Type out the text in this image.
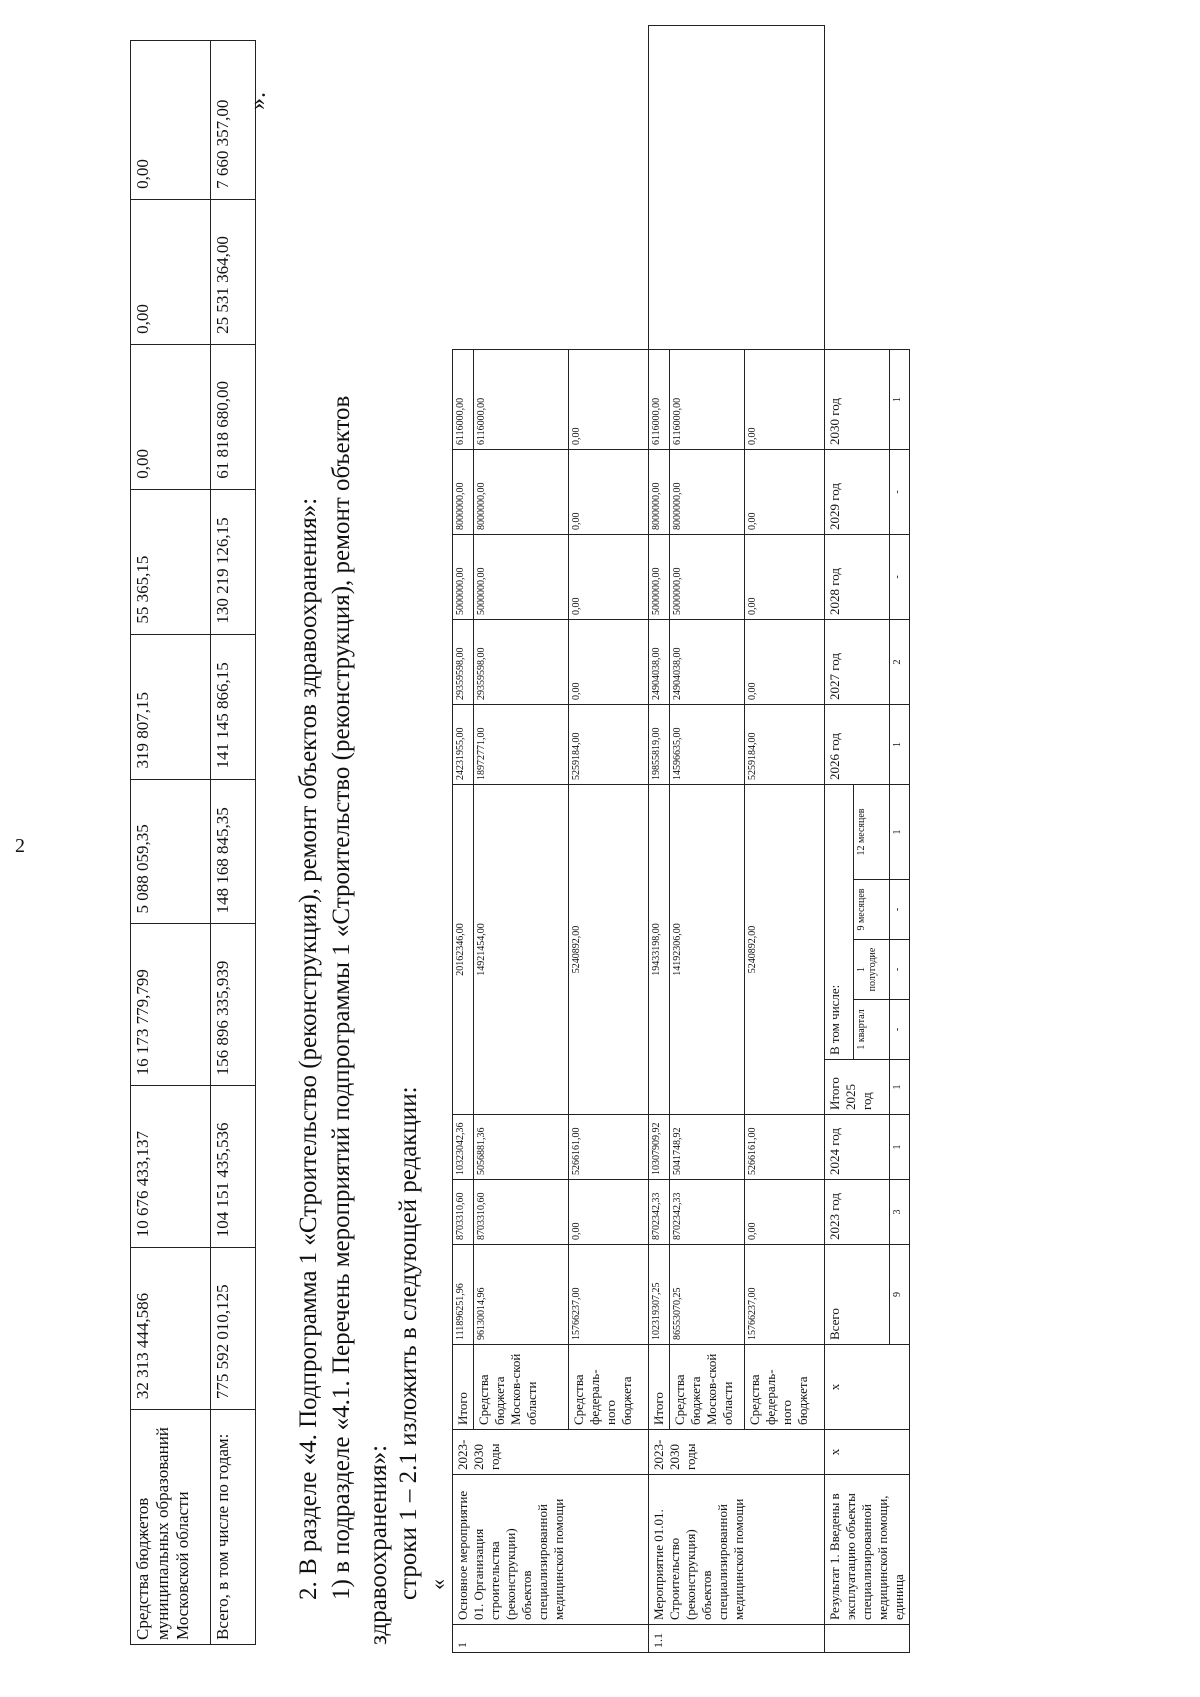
2
Средства бюджетов муниципальных образований Московской области	32 313 444,586	10 676 433,137	16 173 779,799	5 088 059,35	319 807,15	55 365,15	0,00	0,00	0,00
Всего, в том числе по годам:	775 592 010,125	104 151 435,536	156 896 335,939	148 168 845,35	141 145 866,15	130 219 126,15	61 818 680,00	25 531 364,00	7 660 357,00 ».
2. В разделе «4. Подпрограмма 1 «Строительство (реконструкция), ремонт объектов здравоохранения»: 1) в подразделе «4.1. Перечень мероприятий подпрограммы 1 «Строительство (реконструкция), ремонт объектов здравоохранения»: строки 1 – 2.1 изложить в следующей редакции: «
1	Основное мероприятие 01. Организация строительства (реконструкции) объектов специализированной медицинской помощи	2023-2030 годы	Итого	111896251,96	8703310,60	10323042,36	20162346,00					24231955,00	29359598,00	5000000,00	8000000,00	6116000,00	
			Средства бюджета Москов-ской области	96130014,96	8703310,60	5056881,36	14921454,00					18972771,00	29359598,00	5000000,00	8000000,00	6116000,00	
			Средства федераль-ного бюджета	15766237,00	0,00	5266161,00	5240892,00					5259184,00	0,00	0,00	0,00	0,00	
1.1	Мероприятие 01.01. Строительство (реконструкция) объектов специализированной медицинской помощи	2023-2030 годы	Итого	102319307,25	8702342,33	10307909,92	19433198,00					19855819,00	24904038,00	5000000,00	8000000,00	6116000,00	
			Средства бюджета Москов-ской области	86553070,25	8702342,33	5041748,92	14192306,00					14596635,00	24904038,00	5000000,00	8000000,00	6116000,00	
			Средства федераль-ного бюджета	15766237,00	0,00	5266161,00	5240892,00					5259184,00	0,00	0,00	0,00	0,00	
	Результат 1. Введены в эксплуатацию объекты специализированной медицинской помощи, единица	х	х	Всего	2023 год	2024 год	Итого 2025 год	В том числе:				2026 год	2027 год	2028 год	2029 год	2030 год	
								1 квартал	1 полугодие	9 месяцев	12 месяцев						
				9	3	1	1	-	-	-	1	1	2	-	-	1	
